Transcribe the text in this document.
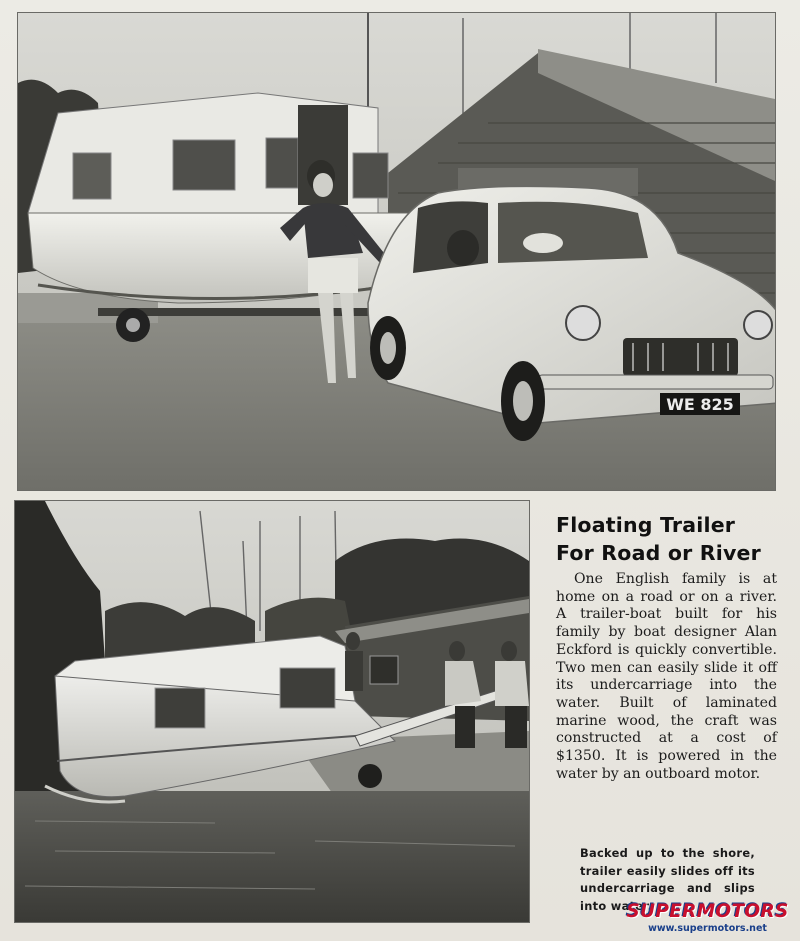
WE 825
Floating Trailer
For Road or River
One English family is at home on a road or on a river. A trailer-boat built for his family by boat designer Alan Eckford is quickly convertible. Two men can easily slide it off its undercarriage into the water. Built of laminated marine wood, the craft was constructed at a cost of $1350. It is powered in the water by an outboard motor.
Backed up to the shore, trailer easily slides off its undercarriage and slips into water.
SUPERMOTORS
www.supermotors.net
